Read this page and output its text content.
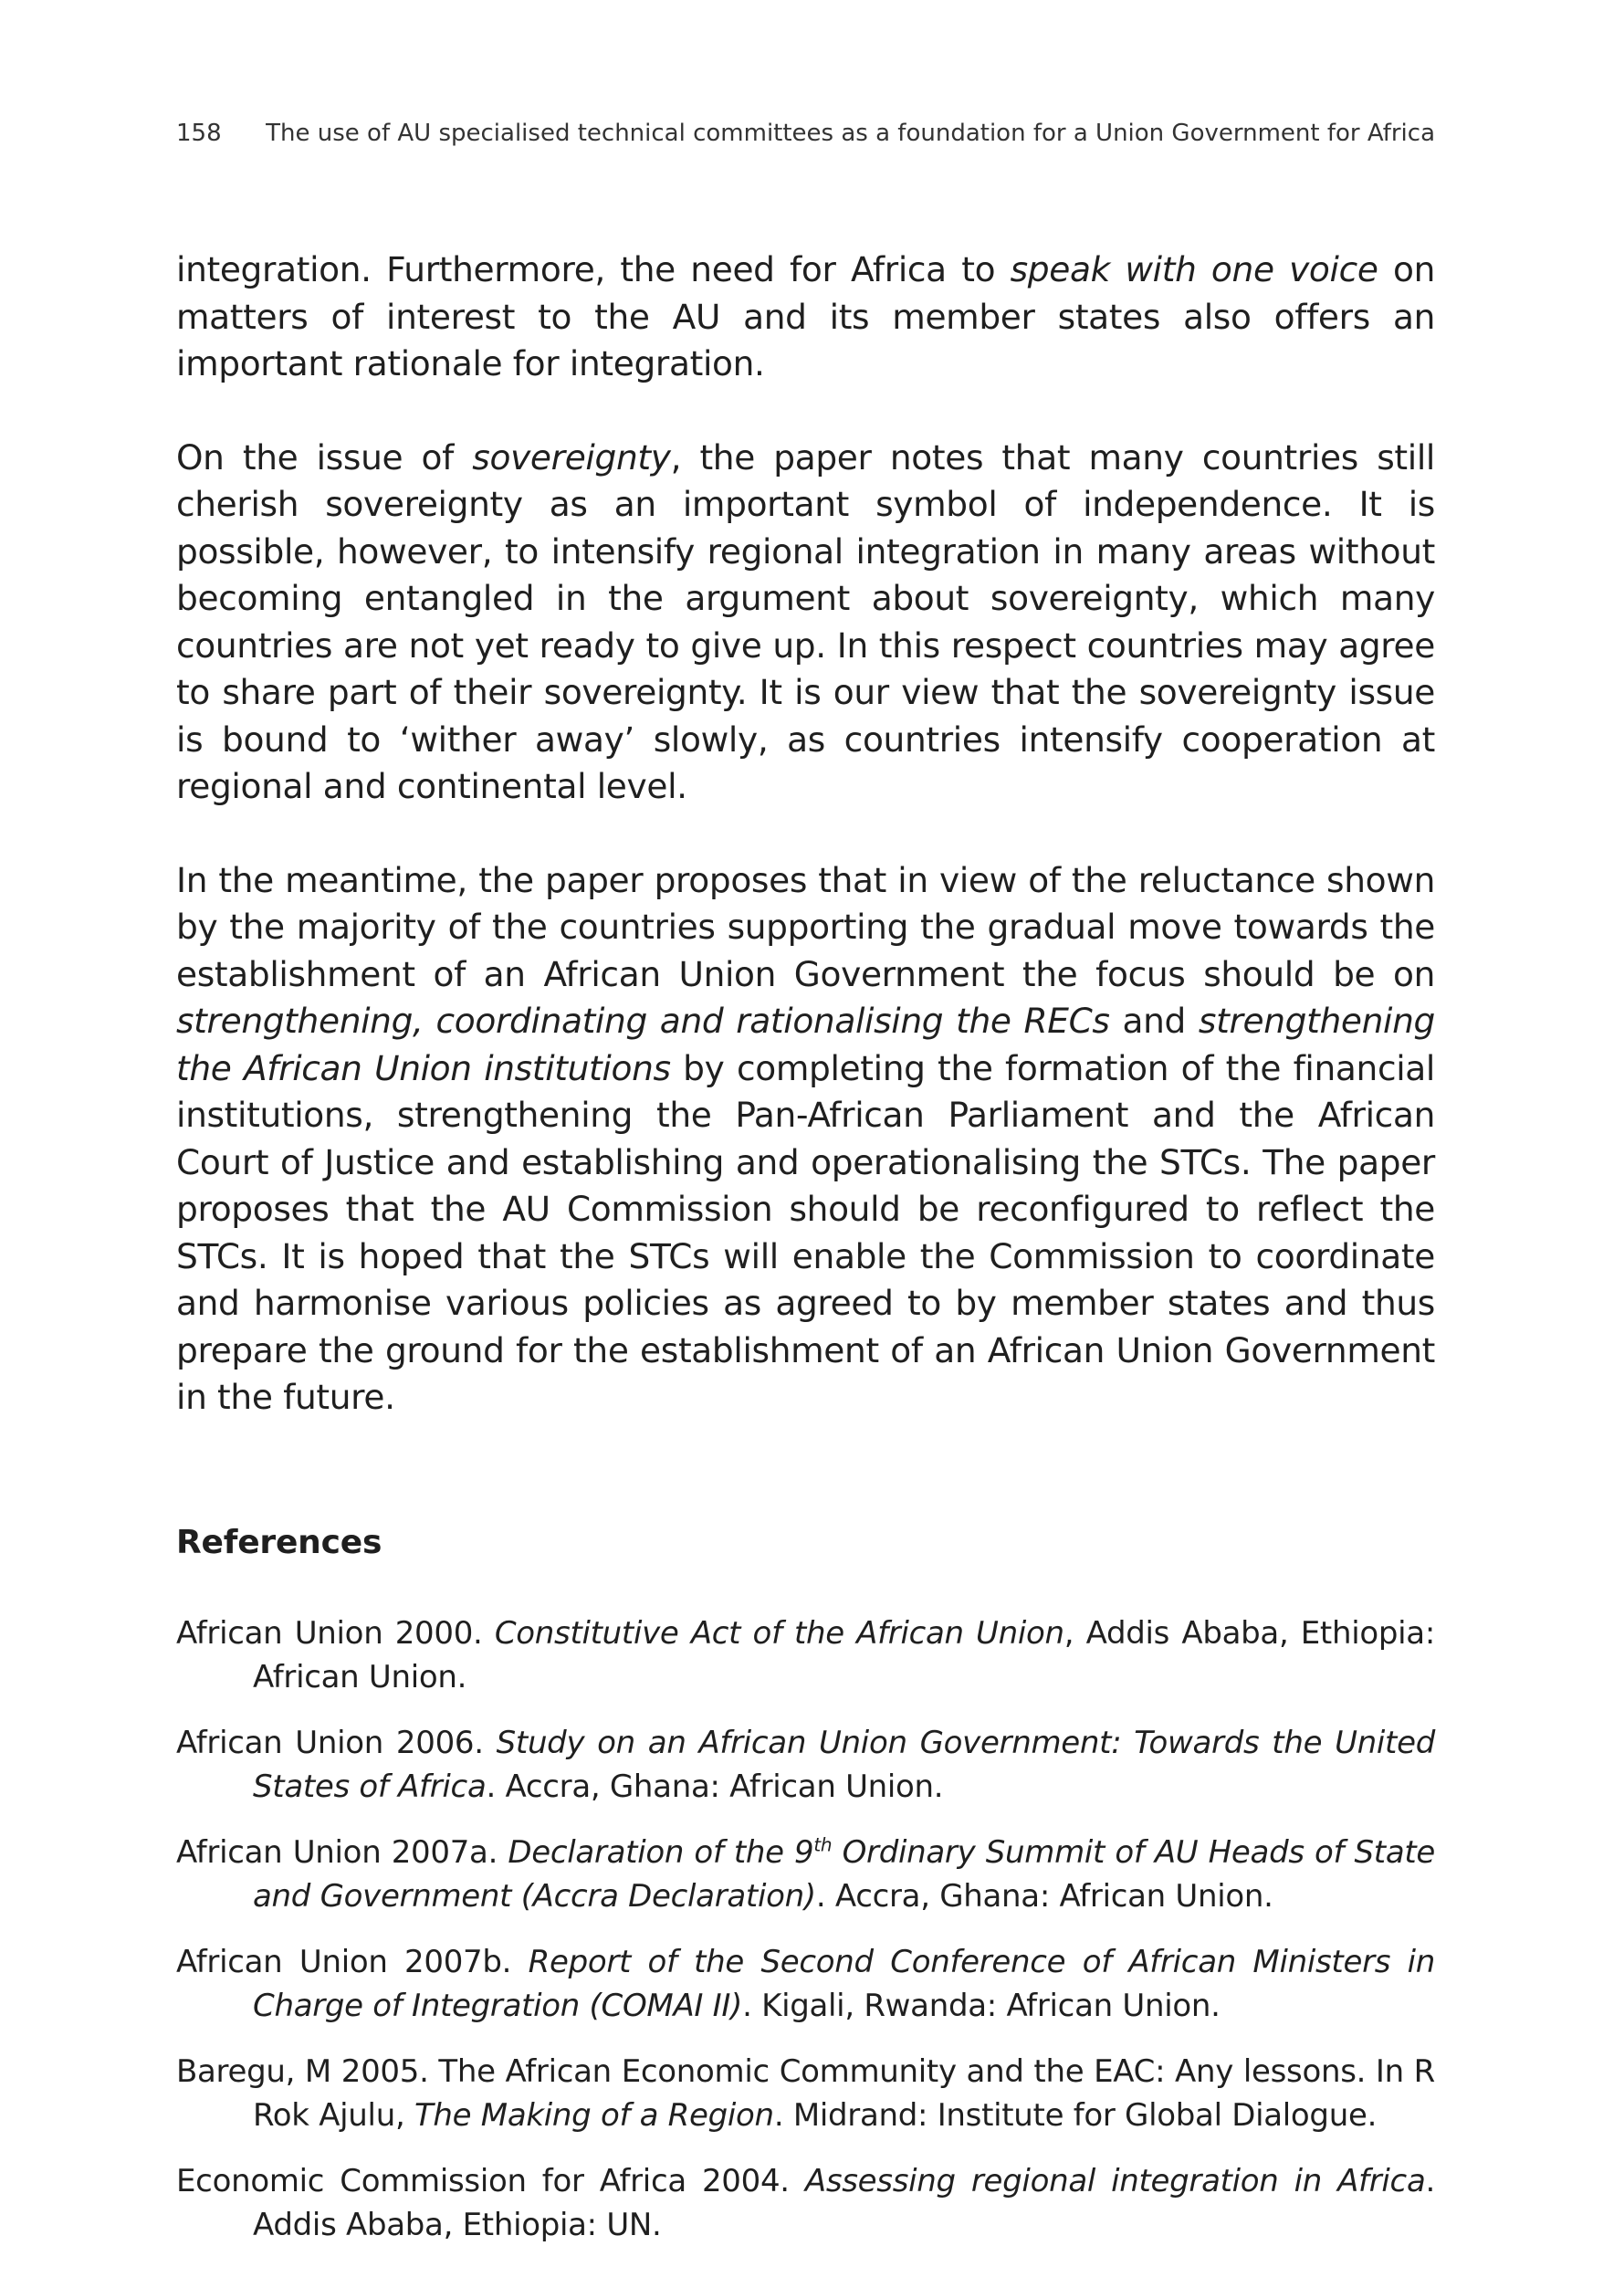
158 The use of AU specialised technical committees as a foundation for a Union Government for Africa

integration. Furthermore, the need for Africa to speak with one voice on matters of interest to the AU and its member states also offers an important rationale for integration.

On the issue of sovereignty, the paper notes that many countries still cherish sovereignty as an important symbol of independence. It is possible, however, to intensify regional integration in many areas without becoming entangled in the argument about sovereignty, which many countries are not yet ready to give up. In this respect countries may agree to share part of their sovereignty. It is our view that the sovereignty issue is bound to ‘wither away’ slowly, as countries intensify cooperation at regional and continental level.

In the meantime, the paper proposes that in view of the reluctance shown by the majority of the countries supporting the gradual move towards the establishment of an African Union Government the focus should be on strengthening, coordinating and rationalising the RECs and strengthening the African Union institutions by completing the formation of the financial institutions, strengthening the Pan-African Parliament and the African Court of Justice and establishing and operationalising the STCs. The paper proposes that the AU Commission should be reconfigured to reflect the STCs. It is hoped that the STCs will enable the Commission to coordinate and harmonise various policies as agreed to by member states and thus prepare the ground for the establishment of an African Union Government in the future.

References
African Union 2000. Constitutive Act of the African Union, Addis Ababa, Ethiopia: African Union.
African Union 2006. Study on an African Union Government: Towards the United States of Africa. Accra, Ghana: African Union.
African Union 2007a. Declaration of the 9th Ordinary Summit of AU Heads of State and Government (Accra Declaration). Accra, Ghana: African Union.
African Union 2007b. Report of the Second Conference of African Ministers in Charge of Integration (COMAI II). Kigali, Rwanda: African Union.
Baregu, M 2005. The African Economic Community and the EAC: Any lessons. In R Rok Ajulu, The Making of a Region. Midrand: Institute for Global Dialogue.
Economic Commission for Africa 2004. Assessing regional integration in Africa. Addis Ababa, Ethiopia: UN.
